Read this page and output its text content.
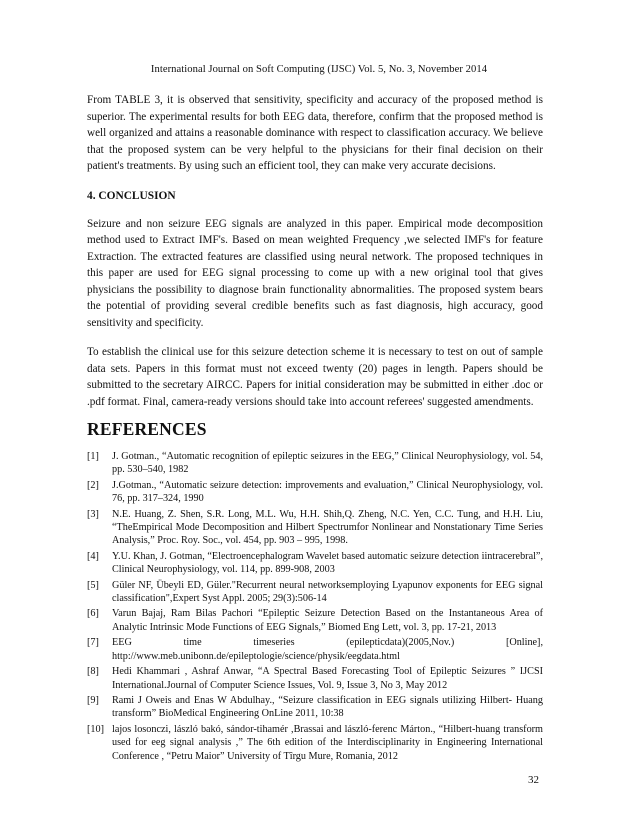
International Journal on Soft Computing (IJSC) Vol. 5, No. 3, November 2014

From TABLE 3, it is observed that sensitivity, specificity and accuracy of the proposed method is superior. The experimental results for both EEG data, therefore, confirm that the proposed method is well organized and attains a reasonable dominance with respect to classification accuracy. We believe that the proposed system can be very helpful to the physicians for their final decision on their patient's treatments. By using such an efficient tool, they can make very accurate decisions.

4. CONCLUSION

Seizure and non seizure EEG signals are analyzed in this paper. Empirical mode decomposition method used to Extract IMF's. Based on mean weighted Frequency ,we selected IMF's for feature Extraction. The extracted features are classified using neural network. The proposed techniques in this paper are used for EEG signal processing to come up with a new original tool that gives physicians the possibility to diagnose brain functionality abnormalities. The proposed system bears the potential of providing several credible benefits such as fast diagnosis, high accuracy, good sensitivity and specificity.

To establish the clinical use for this seizure detection scheme it is necessary to test on out of sample data sets. Papers in this format must not exceed twenty (20) pages in length. Papers should be submitted to the secretary AIRCC. Papers for initial consideration may be submitted in either .doc or .pdf format. Final, camera-ready versions should take into account referees' suggested amendments.

REFERENCES
[1] J. Gotman., “Automatic recognition of epileptic seizures in the EEG,” Clinical Neurophysiology, vol. 54, pp. 530–540, 1982
[2] J.Gotman., “Automatic seizure detection: improvements and evaluation,” Clinical Neurophysiology, vol. 76, pp. 317–324, 1990
[3] N.E. Huang, Z. Shen, S.R. Long, M.L. Wu, H.H. Shih,Q. Zheng, N.C. Yen, C.C. Tung, and H.H. Liu, “TheEmpirical Mode Decomposition and Hilbert Spectrumfor Nonlinear and Nonstationary Time Series Analysis,” Proc. Roy. Soc., vol. 454, pp. 903 – 995, 1998.
[4] Y.U. Khan, J. Gotman, “Electroencephalogram Wavelet based automatic seizure detection iintracerebral”, Clinical Neurophysiology, vol. 114, pp. 899-908, 2003
[5] Güler NF, Übeyli ED, Güler."Recurrent neural networksemploying Lyapunov exponents for EEG signal classification",Expert Syst Appl. 2005; 29(3):506-14
[6] Varun Bajaj, Ram Bilas Pachori “Epileptic Seizure Detection Based on the Instantaneous Area of Analytic Intrinsic Mode Functions of EEG Signals,” Biomed Eng Lett, vol. 3, pp. 17-21, 2013
[7] EEG time timeseries (epilepticdata)(2005,Nov.) [Online], http://www.meb.unibonn.de/epileptologie/science/physik/eegdata.html
[8] Hedi Khammari , Ashraf Anwar, “A Spectral Based Forecasting Tool of Epileptic Seizures ” IJCSI International.Journal of Computer Science Issues, Vol. 9, Issue 3, No 3, May 2012
[9] Rami J Oweis and Enas W Abdulhay., “Seizure classification in EEG signals utilizing Hilbert- Huang transform” BioMedical Engineering OnLine 2011, 10:38
[10] lajos losonczi, lászló bakó, sándor-tihamér ,Brassai and lászló-ferenc Márton., “Hilbert-huang transform used for eeg signal analysis ,” The 6th edition of the Interdisciplinarity in Engineering International Conference , “Petru Maior” University of Tîrgu Mure, Romania, 2012
32
